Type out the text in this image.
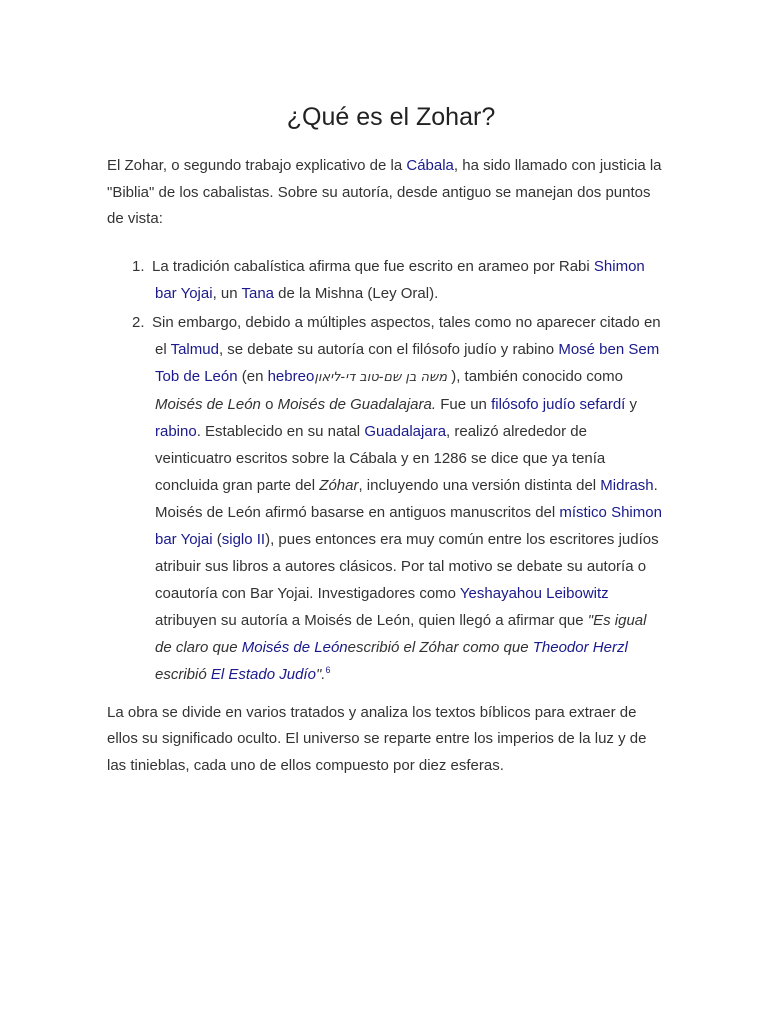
¿Qué es el Zohar?

El Zohar, o segundo trabajo explicativo de la Cábala, ha sido llamado con justicia la "Biblia" de los cabalistas. Sobre su autoría, desde antiguo se manejan dos puntos de vista:

1. La tradición cabalística afirma que fue escrito en arameo por Rabi Shimon bar Yojai, un Tana de la Mishna (Ley Oral).
2. Sin embargo, debido a múltiples aspectos, tales como no aparecer citado en el Talmud, se debate su autoría con el filósofo judío y rabino Mosé ben Sem Tob de León (en hebreo משה בן שם-טוב די-ליאון), también conocido como Moisés de León o Moisés de Guadalajara. Fue un filósofo judío sefardí y rabino. Establecido en su natal Guadalajara, realizó alrededor de veinticuatro escritos sobre la Cábala y en 1286 se dice que ya tenía concluida gran parte del Zóhar, incluyendo una versión distinta del Midrash. Moisés de León afirmó basarse en antiguos manuscritos del místico Shimon bar Yojai (siglo II), pues entonces era muy común entre los escritores judíos atribuir sus libros a autores clásicos. Por tal motivo se debate su autoría o coautoría con Bar Yojai. Investigadores como Yeshayahou Leibowitz atribuyen su autoría a Moisés de León, quien llegó a afirmar que "Es igual de claro que Moisés de Leónescribió el Zóhar como que Theodor Herzl escribió El Estado Judío".$^6$

La obra se divide en varios tratados y analiza los textos bíblicos para extraer de ellos su significado oculto. El universo se reparte entre los imperios de la luz y de las tinieblas, cada uno de ellos compuesto por diez esferas.
